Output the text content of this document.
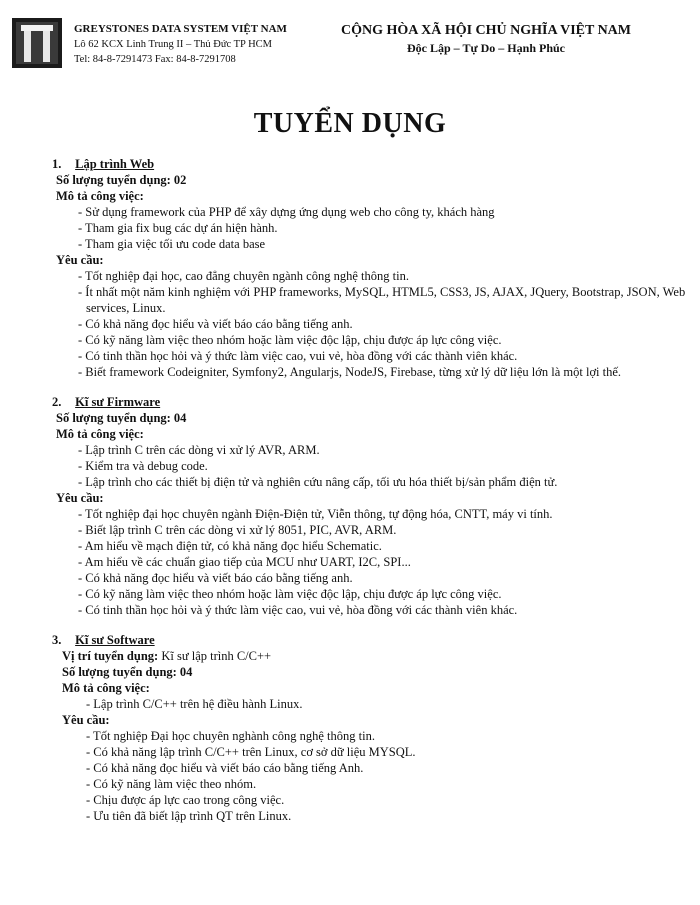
GREYSTONES DATA SYSTEM VIỆT NAM
Lô 62 KCX Linh Trung II – Thủ Đức TP HCM
Tel: 84-8-7291473 Fax: 84-8-7291708
CỘNG HÒA XÃ HỘI CHỦ NGHĨA VIỆT NAM
Độc Lập – Tự Do – Hạnh Phúc
TUYỂN DỤNG
1. Lập trình Web
Số lượng tuyển dụng: 02
Mô tả công việc:
- Sử dụng framework của PHP để xây dựng ứng dụng web cho công ty, khách hàng
- Tham gia fix bug các dự án hiện hành.
- Tham gia việc tối ưu code data base
Yêu cầu:
- Tốt nghiệp đại học, cao đẳng chuyên ngành công nghệ thông tin.
- Ít nhất một năm kinh nghiệm với PHP frameworks, MySQL, HTML5, CSS3, JS, AJAX, JQuery, Bootstrap, JSON, Web services, Linux.
- Có khả năng đọc hiểu và viết báo cáo bằng tiếng anh.
- Có kỹ năng làm việc theo nhóm hoặc làm việc độc lập, chịu được áp lực công việc.
- Có tinh thần học hỏi và ý thức làm việc cao, vui vẻ, hòa đồng với các thành viên khác.
- Biết framework Codeigniter, Symfony2, Angularjs, NodeJS, Firebase, từng xử lý dữ liệu lớn là một lợi thế.
2. Kĩ sư Firmware
Số lượng tuyển dụng: 04
Mô tả công việc:
- Lập trình C trên các dòng vi xử lý AVR, ARM.
- Kiểm tra và debug code.
- Lập trình cho các thiết bị điện tử và nghiên cứu nâng cấp, tối ưu hóa thiết bị/sản phẩm điện tử.
Yêu cầu:
- Tốt nghiệp đại học chuyên ngành Điện-Điện tử, Viễn thông, tự động hóa, CNTT, máy vi tính.
- Biết lập trình C trên các dòng vi xử lý 8051, PIC, AVR, ARM.
- Am hiểu về mạch điện tử, có khả năng đọc hiểu Schematic.
- Am hiểu về các chuẩn giao tiếp của MCU như UART, I2C, SPI...
- Có khả năng đọc hiểu và viết báo cáo bằng tiếng anh.
- Có kỹ năng làm việc theo nhóm hoặc làm việc độc lập, chịu được áp lực công việc.
- Có tinh thần học hỏi và ý thức làm việc cao, vui vẻ, hòa đồng với các thành viên khác.
3. Kĩ sư Software
Vị trí tuyển dụng: Kĩ sư lập trình C/C++
Số lượng tuyển dụng: 04
Mô tả công việc:
- Lập trình C/C++ trên hệ điều hành Linux.
Yêu cầu:
- Tốt nghiệp Đại học chuyên nghành công nghệ thông tin.
- Có khả năng lập trình C/C++ trên Linux, cơ sở dữ liệu MYSQL.
- Có khả năng đọc hiểu và viết báo cáo bằng tiếng Anh.
- Có kỹ năng làm việc theo nhóm.
- Chịu được áp lực cao trong công việc.
- Ưu tiên đã biết lập trình QT trên Linux.
